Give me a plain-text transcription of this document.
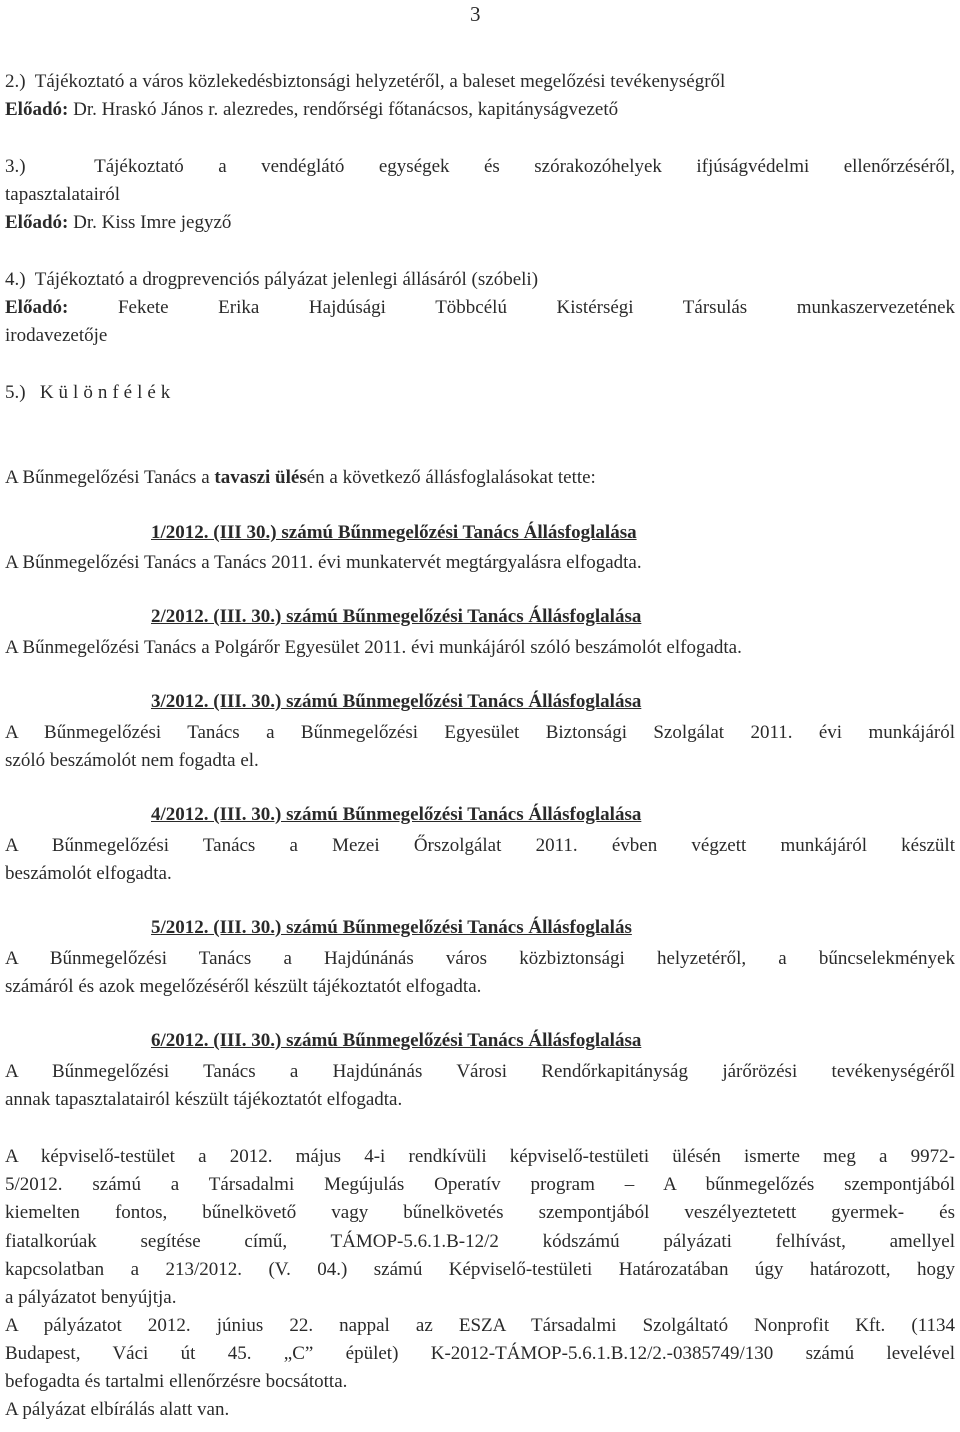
3
2.) Tájékoztató a város közlekedésbiztonsági helyzetéről, a baleset megelőzési tevékenységről
Előadó: Dr. Hraskó János r. alezredes, rendőrségi főtanácsos, kapitányságvezető
3.)	Tájékoztató a vendéglátó egységek és szórakozóhelyek ifjúságvédelmi ellenőrzéséről,
tapasztalatairól
Előadó: Dr. Kiss Imre jegyző
4.) Tájékoztató a drogprevenciós pályázat jelenlegi állásáról (szóbeli)
Előadó:	Fekete Erika Hajdúsági Többcélú Kistérségi Társulás munkaszervezetének
irodavezetője
5.) Különfélék
A Bűnmegelőzési Tanács a tavaszi ülésén a következő állásfoglalásokat tette:
1/2012. (III 30.) számú Bűnmegelőzési Tanács Állásfoglalása
A Bűnmegelőzési Tanács a Tanács 2011. évi munkatervét megtárgyalásra elfogadta.
2/2012. (III. 30.) számú Bűnmegelőzési Tanács Állásfoglalása
A Bűnmegelőzési Tanács a Polgárőr Egyesület 2011. évi munkájáról szóló beszámolót elfogadta.
3/2012. (III. 30.) számú Bűnmegelőzési Tanács Állásfoglalása
A Bűnmegelőzési Tanács a Bűnmegelőzési Egyesület Biztonsági Szolgálat 2011. évi munkájáról
szóló beszámolót nem fogadta el.
4/2012. (III. 30.) számú Bűnmegelőzési Tanács Állásfoglalása
A Bűnmegelőzési Tanács a Mezei Őrszolgálat 2011. évben végzett munkájáról készült
beszámolót elfogadta.
5/2012. (III. 30.) számú Bűnmegelőzési Tanács Állásfoglalás
A Bűnmegelőzési Tanács a Hajdúnánás város közbiztonsági helyzetéről, a bűncselekmények
számáról és azok megelőzéséről készült tájékoztatót elfogadta.
6/2012. (III. 30.) számú Bűnmegelőzési Tanács Állásfoglalása
A Bűnmegelőzési Tanács a Hajdúnánás Városi Rendőrkapitányság járőrözési tevékenységéről
annak tapasztalatairól készült tájékoztatót elfogadta.
A képviselő-testület a 2012. május 4-i rendkívüli képviselő-testületi ülésén ismerte meg a 9972-
5/2012. számú a Társadalmi Megújulás Operatív program – A bűnmegelőzés szempontjából
kiemelten fontos, bűnelkövető vagy bűnelkövetés szempontjából veszélyeztetett gyermek- és
fiatalkorúak segítése című, TÁMOP-5.6.1.B-12/2 kódszámú pályázati felhívást, amellyel
kapcsolatban a 213/2012. (V. 04.) számú Képviselő-testületi Határozatában úgy határozott, hogy
a pályázatot benyújtja.
A pályázatot 2012. június 22. nappal az ESZA Társadalmi Szolgáltató Nonprofit Kft. (1134
Budapest, Váci út 45. „C” épület) K-2012-TÁMOP-5.6.1.B.12/2.-0385749/130 számú levelével
befogadta és tartalmi ellenőrzésre bocsátotta.
A pályázat elbírálás alatt van.
